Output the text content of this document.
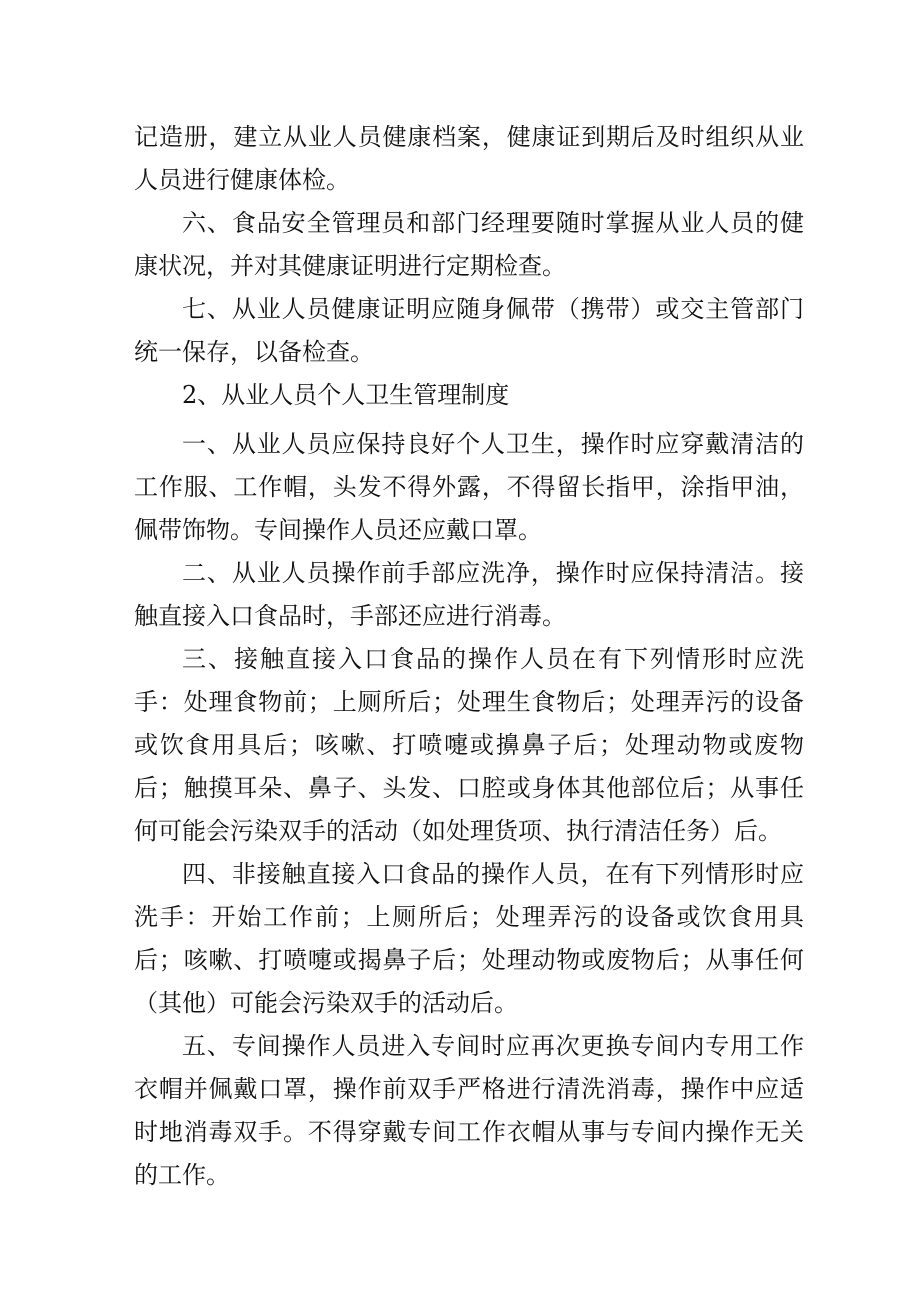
记造册，建立从业人员健康档案，健康证到期后及时组织从业人员进行健康体检。

六、食品安全管理员和部门经理要随时掌握从业人员的健康状况，并对其健康证明进行定期检查。

七、从业人员健康证明应随身佩带（携带）或交主管部门统一保存，以备检查。

2、从业人员个人卫生管理制度

一、从业人员应保持良好个人卫生，操作时应穿戴清洁的工作服、工作帽，头发不得外露，不得留长指甲，涂指甲油，佩带饰物。专间操作人员还应戴口罩。

二、从业人员操作前手部应洗净，操作时应保持清洁。接触直接入口食品时，手部还应进行消毒。

三、接触直接入口食品的操作人员在有下列情形时应洗手：处理食物前；上厕所后；处理生食物后；处理弄污的设备或饮食用具后；咳嗽、打喷嚏或擤鼻子后；处理动物或废物后；触摸耳朵、鼻子、头发、口腔或身体其他部位后；从事任何可能会污染双手的活动（如处理货项、执行清洁任务）后。

四、非接触直接入口食品的操作人员，在有下列情形时应洗手：开始工作前；上厕所后；处理弄污的设备或饮食用具后；咳嗽、打喷嚏或揭鼻子后；处理动物或废物后；从事任何（其他）可能会污染双手的活动后。

五、专间操作人员进入专间时应再次更换专间内专用工作衣帽并佩戴口罩，操作前双手严格进行清洗消毒，操作中应适时地消毒双手。不得穿戴专间工作衣帽从事与专间内操作无关的工作。
